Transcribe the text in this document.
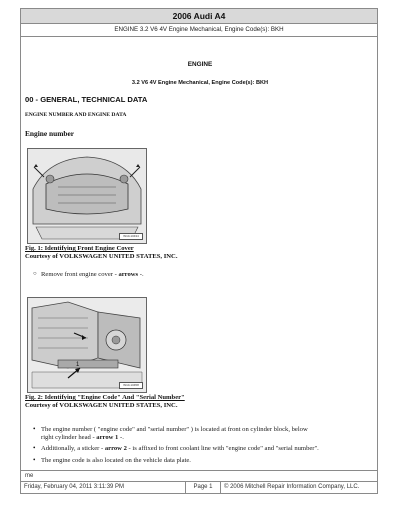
2006 Audi A4
ENGINE 3.2 V6 4V Engine Mechanical, Engine Code(s): BKH
ENGINE
3.2 V6 4V Engine Mechanical, Engine Code(s): BKH
00 - GENERAL, TECHNICAL DATA
ENGINE NUMBER AND ENGINE DATA
Engine number
W10-10434
Fig. 1: Identifying Front Engine Cover
Courtesy of VOLKSWAGEN UNITED STATES, INC.
○ Remove front engine cover - arrows -.
1
W10-10458
Fig. 2: Identifying "Engine Code" And "Serial Number"
Courtesy of VOLKSWAGEN UNITED STATES, INC.
• The engine number ( "engine code" and "serial number" ) is located at front on cylinder block, below
right cylinder head - arrow 1 -.
• Additionally, a sticker - arrow 2 - is affixed to front coolant line with "engine code" and "serial number".
• The engine code is also located on the vehicle data plate.
me
Friday, February 04, 2011 3:11:39 PM	Page 1	© 2006 Mitchell Repair Information Company, LLC.
